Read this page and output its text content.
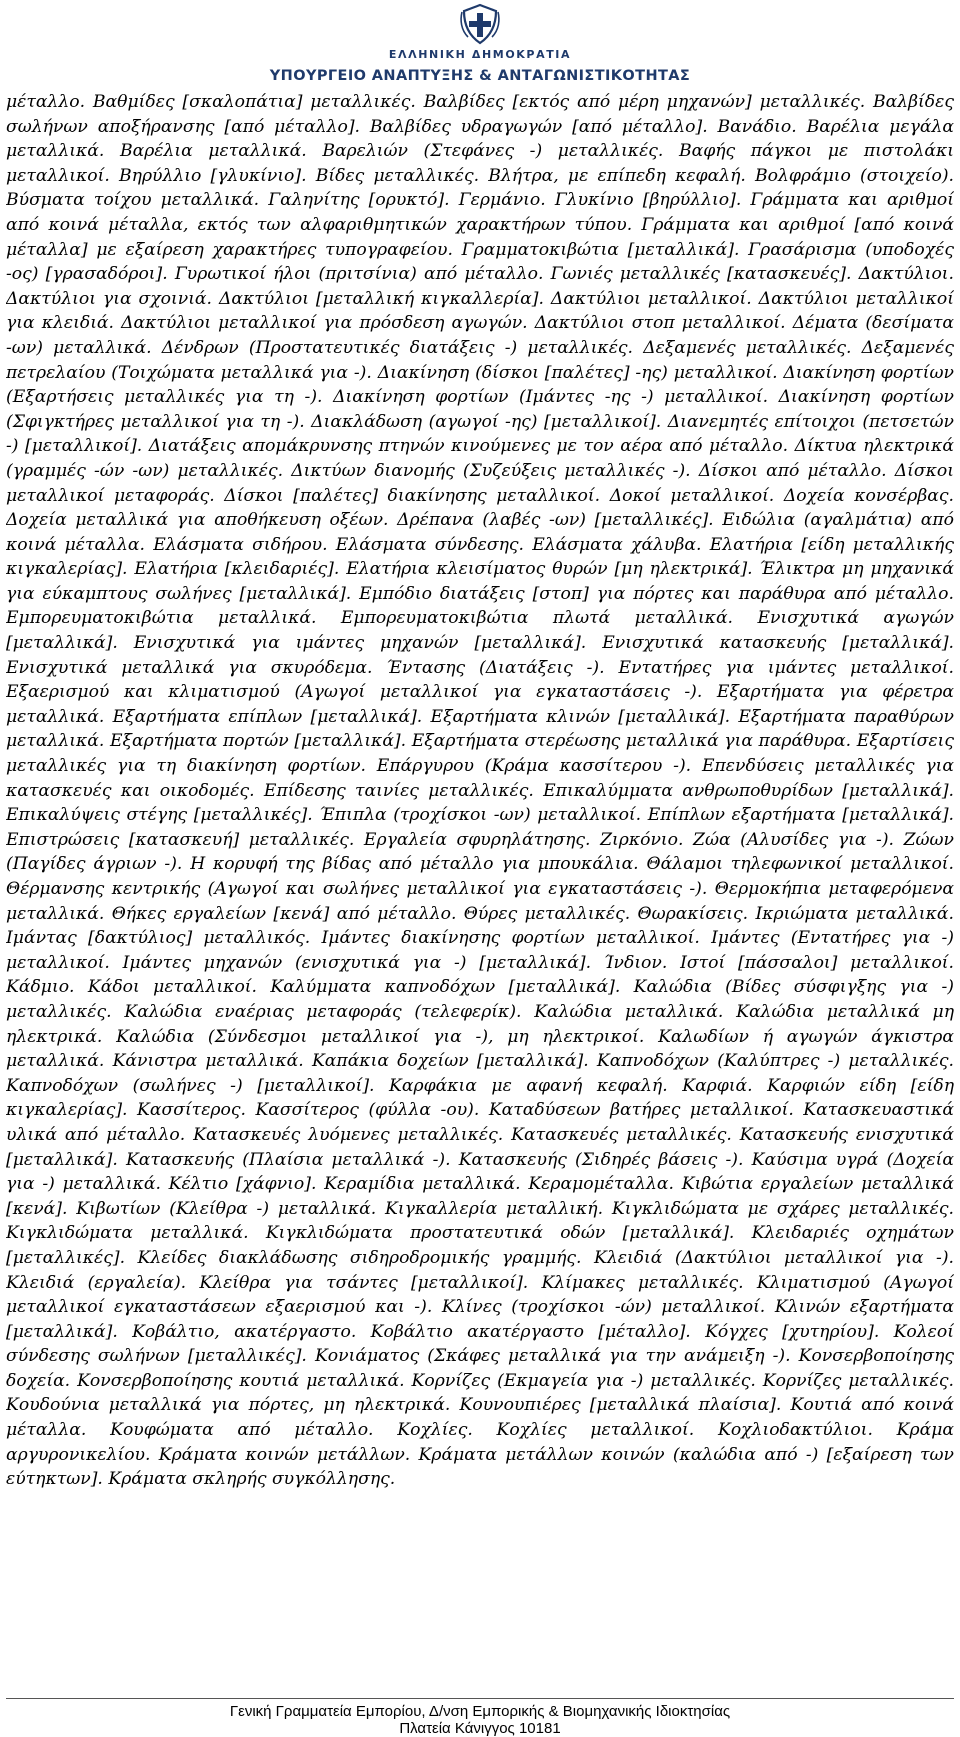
ΕΛΛΗΝΙΚΗ ΔΗΜΟΚΡΑΤΙΑ
ΥΠΟΥΡΓΕΙΟ ΑΝΑΠΤΥΞΗΣ & ΑΝΤΑΓΩΝΙΣΤΙΚΟΤΗΤΑΣ

μέταλλο. Βαθμίδες [σκαλοπάτια] μεταλλικές. Βαλβίδες [εκτός από μέρη μηχανών] μεταλλικές. Βαλβίδες σωλήνων αποξήρανσης [από μέταλλο]. Βαλβίδες υδραγωγών [από μέταλλο]. Βανάδιο. Βαρέλια μεγάλα μεταλλικά. Βαρέλια μεταλλικά. Βαρελιών (Στεφάνες -) μεταλλικές. Βαφής πάγκοι με πιστολάκι μεταλλικοί. Βηρύλλιο [γλυκίνιο]. Βίδες μεταλλικές. Βλήτρα, με επίπεδη κεφαλή. Βολφράμιο (στοιχείο). Βύσματα τοίχου μεταλλικά. Γαληνίτης [ορυκτό]. Γερμάνιο. Γλυκίνιο [βηρύλλιο]. Γράμματα και αριθμοί από κοινά μέταλλα, εκτός των αλφαριθμητικών χαρακτήρων τύπου. Γράμματα και αριθμοί [από κοινά μέταλλα] με εξαίρεση χαρακτήρες τυπογραφείου. Γραμματοκιβώτια [μεταλλικά]. Γρασάρισμα (υποδοχές -ος) [γρασαδόροι]. Γυρωτικοί ήλοι (πριτσίνια) από μέταλλο. Γωνιές μεταλλικές [κατασκευές]. Δακτύλιοι. Δακτύλιοι για σχοινιά. Δακτύλιοι [μεταλλική κιγκαλλερία]. Δακτύλιοι μεταλλικοί. Δακτύλιοι μεταλλικοί για κλειδιά. Δακτύλιοι μεταλλικοί για πρόσδεση αγωγών. Δακτύλιοι στοπ μεταλλικοί. Δέματα (δεσίματα -ων) μεταλλικά. Δένδρων (Προστατευτικές διατάξεις -) μεταλλικές. Δεξαμενές μεταλλικές. Δεξαμενές πετρελαίου (Τοιχώματα μεταλλικά για -). Διακίνηση (δίσκοι [παλέτες] -ης) μεταλλικοί. Διακίνηση φορτίων (Εξαρτήσεις μεταλλικές για τη -). Διακίνηση φορτίων (Ιμάντες -ης -) μεταλλικοί. Διακίνηση φορτίων (Σφιγκτήρες μεταλλικοί για τη -). Διακλάδωση (αγωγοί -ης) [μεταλλικοί]. Διανεμητές επίτοιχοι (πετσετών -) [μεταλλικοί]. Διατάξεις απομάκρυνσης πτηνών κινούμενες με τον αέρα από μέταλλο. Δίκτυα ηλεκτρικά (γραμμές -ών -ων) μεταλλικές. Δικτύων διανομής (Συζεύξεις μεταλλικές -). Δίσκοι από μέταλλο. Δίσκοι μεταλλικοί μεταφοράς. Δίσκοι [παλέτες] διακίνησης μεταλλικοί. Δοκοί μεταλλικοί. Δοχεία κονσέρβας. Δοχεία μεταλλικά για αποθήκευση οξέων. Δρέπανα (λαβές -ων) [μεταλλικές]. Ειδώλια (αγαλμάτια) από κοινά μέταλλα. Ελάσματα σιδήρου. Ελάσματα σύνδεσης. Ελάσματα χάλυβα. Ελατήρια [είδη μεταλλικής κιγκαλερίας]. Ελατήρια [κλειδαριές]. Ελατήρια κλεισίματος θυρών [μη ηλεκτρικά]. Έλικτρα μη μηχανικά για εύκαμπτους σωλήνες [μεταλλικά]. Εμπόδιο διατάξεις [στοπ] για πόρτες και παράθυρα από μέταλλο. Εμπορευματοκιβώτια μεταλλικά. Εμπορευματοκιβώτια πλωτά μεταλλικά. Ενισχυτικά αγωγών [μεταλλικά]. Ενισχυτικά για ιμάντες μηχανών [μεταλλικά]. Ενισχυτικά κατασκευής [μεταλλικά]. Ενισχυτικά μεταλλικά για σκυρόδεμα. Έντασης (Διατάξεις -). Εντατήρες για ιμάντες μεταλλικοί. Εξαερισμού και κλιματισμού (Αγωγοί μεταλλικοί για εγκαταστάσεις -). Εξαρτήματα για φέρετρα μεταλλικά. Εξαρτήματα επίπλων [μεταλλικά]. Εξαρτήματα κλινών [μεταλλικά]. Εξαρτήματα παραθύρων μεταλλικά. Εξαρτήματα πορτών [μεταλλικά]. Εξαρτήματα στερέωσης μεταλλικά για παράθυρα. Εξαρτίσεις μεταλλικές για τη διακίνηση φορτίων. Επάργυρου (Κράμα κασσίτερου -). Επενδύσεις μεταλλικές για κατασκευές και οικοδομές. Επίδεσης ταινίες μεταλλικές. Επικαλύμματα ανθρωποθυρίδων [μεταλλικά]. Επικαλύψεις στέγης [μεταλλικές]. Έπιπλα (τροχίσκοι -ων) μεταλλικοί. Επίπλων εξαρτήματα [μεταλλικά]. Επιστρώσεις [κατασκευή] μεταλλικές. Εργαλεία σφυρηλάτησης. Ζιρκόνιο. Ζώα (Αλυσίδες για -). Ζώων (Παγίδες άγριων -). Η κορυφή της βίδας από μέταλλο για μπουκάλια. Θάλαμοι τηλεφωνικοί μεταλλικοί. Θέρμανσης κεντρικής (Αγωγοί και σωλήνες μεταλλικοί για εγκαταστάσεις -). Θερμοκήπια μεταφερόμενα μεταλλικά. Θήκες εργαλείων [κενά] από μέταλλο. Θύρες μεταλλικές. Θωρακίσεις. Ικριώματα μεταλλικά. Ιμάντας [δακτύλιος] μεταλλικός. Ιμάντες διακίνησης φορτίων μεταλλικοί. Ιμάντες (Εντατήρες για -) μεταλλικοί. Ιμάντες μηχανών (ενισχυτικά για -) [μεταλλικά]. Ίνδιον. Ιστοί [πάσσαλοι] μεταλλικοί. Κάδμιο. Κάδοι μεταλλικοί. Καλύμματα καπνοδόχων [μεταλλικά]. Καλώδια (Βίδες σύσφιγξης για -) μεταλλικές. Καλώδια εναέριας μεταφοράς (τελεφερίκ). Καλώδια μεταλλικά. Καλώδια μεταλλικά μη ηλεκτρικά. Καλώδια (Σύνδεσμοι μεταλλικοί για -), μη ηλεκτρικοί. Καλωδίων ή αγωγών άγκιστρα μεταλλικά. Κάνιστρα μεταλλικά. Καπάκια δοχείων [μεταλλικά]. Καπνοδόχων (Καλύπτρες -) μεταλλικές. Καπνοδόχων (σωλήνες -) [μεταλλικοί]. Καρφάκια με αφανή κεφαλή. Καρφιά. Καρφιών είδη [είδη κιγκαλερίας]. Κασσίτερος. Κασσίτερος (φύλλα -ου). Καταδύσεων βατήρες μεταλλικοί. Κατασκευαστικά υλικά από μέταλλο. Κατασκευές λυόμενες μεταλλικές. Κατασκευές μεταλλικές. Κατασκευής ενισχυτικά [μεταλλικά]. Κατασκευής (Πλαίσια μεταλλικά -). Κατασκευής (Σιδηρές βάσεις -). Καύσιμα υγρά (Δοχεία για -) μεταλλικά. Κέλτιο [χάφνιο]. Κεραμίδια μεταλλικά. Κεραμομέταλλα. Κιβώτια εργαλείων μεταλλικά [κενά]. Κιβωτίων (Κλείθρα -) μεταλλικά. Κιγκαλλερία μεταλλική. Κιγκλιδώματα με σχάρες μεταλλικές. Κιγκλιδώματα μεταλλικά. Κιγκλιδώματα προστατευτικά οδών [μεταλλικά]. Κλειδαριές οχημάτων [μεταλλικές]. Κλείδες διακλάδωσης σιδηροδρομικής γραμμής. Κλειδιά (Δακτύλιοι μεταλλικοί για -). Κλειδιά (εργαλεία). Κλείθρα για τσάντες [μεταλλικοί]. Κλίμακες μεταλλικές. Κλιματισμού (Αγωγοί μεταλλικοί εγκαταστάσεων εξαερισμού και -). Κλίνες (τροχίσκοι -ών) μεταλλικοί. Κλινών εξαρτήματα [μεταλλικά]. Κοβάλτιο, ακατέργαστο. Κοβάλτιο ακατέργαστο [μέταλλο]. Κόγχες [χυτηρίου]. Κολεοί σύνδεσης σωλήνων [μεταλλικές]. Κονιάματος (Σκάφες μεταλλικά για την ανάμειξη -). Κονσερβοποίησης δοχεία. Κονσερβοποίησης κουτιά μεταλλικά. Κορνίζες (Εκμαγεία για -) μεταλλικές. Κορνίζες μεταλλικές. Κουδούνια μεταλλικά για πόρτες, μη ηλεκτρικά. Κουνουπιέρες [μεταλλικά πλαίσια]. Κουτιά από κοινά μέταλλα. Κουφώματα από μέταλλο. Κοχλίες. Κοχλίες μεταλλικοί. Κοχλιοδακτύλιοι. Κράμα αργυρονικελίου. Κράματα κοινών μετάλλων. Κράματα μετάλλων κοινών (καλώδια από -) [εξαίρεση των εύτηκτων]. Κράματα σκληρής συγκόλλησης.

Γενική Γραμματεία Εμπορίου, Δ/νση Εμπορικής & Βιομηχανικής Ιδιοκτησίας
Πλατεία Κάνιγγος 10181
